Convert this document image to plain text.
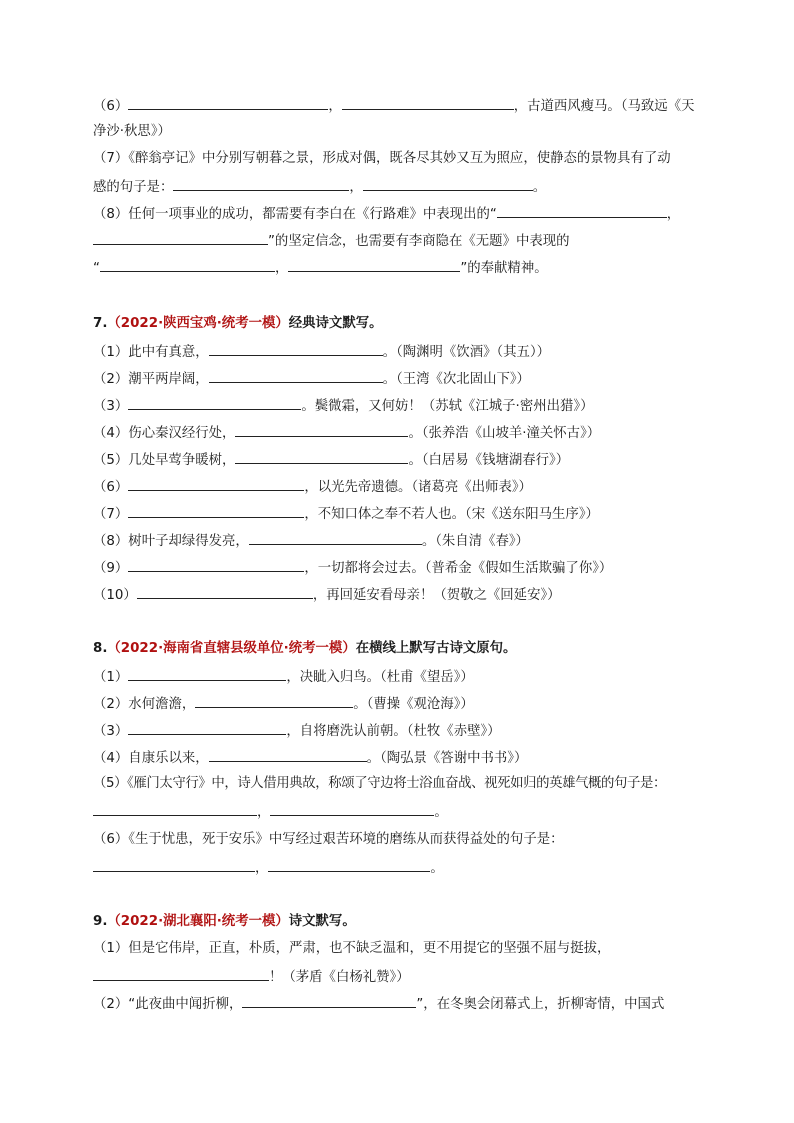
（6）	，	，古道西风瘦马。（马致远《天
净沙·秋思》）
（7）《醉翁亭记》中分别写朝暮之景，形成对偶，既各尽其妙又互为照应，使静态的景物具有了动
感的句子是：	，	。
（8）任何一项事业的成功，都需要有李白在《行路难》中表现出的“	，
”的坚定信念，也需要有李商隐在《无题》中表现的
“	，	”的奉献精神。
7.（2022·陕西宝鸡·统考一模）经典诗文默写。
（1）此中有真意，	。（陶渊明《饮酒》（其五））
（2）潮平两岸阔，	。（王湾《次北固山下》）
（3）	。鬓微霜，又何妨！（苏轼《江城子·密州出猎》）
（4）伤心秦汉经行处，	。（张养浩《山坡羊·潼关怀古》）
（5）几处早莺争暖树，	。（白居易《钱塘湖春行》）
（6）	，以光先帝遗德。（诸葛亮《出师表》）
（7）	，不知口体之奉不若人也。（宋《送东阳马生序》）
（8）树叶子却绿得发亮，	。（朱自清《春》）
（9）	，一切都将会过去。（普希金《假如生活欺骗了你》）
（10）	，再回延安看母亲！（贺敬之《回延安》）
8.（2022·海南省直辖县级单位·统考一模）在横线上默写古诗文原句。
（1）	，决眦入归鸟。（杜甫《望岳》）
（2）水何澹澹，	。（曹操《观沧海》）
（3）	，自将磨洗认前朝。（杜牧《赤壁》）
（4）自康乐以来，	。（陶弘景《答谢中书书》）
（5）《雁门太守行》中，诗人借用典故，称颂了守边将士浴血奋战、视死如归的英雄气概的句子是：
，	。
（6）《生于忧患，死于安乐》中写经过艰苦环境的磨练从而获得益处的句子是：
，	。
9.（2022·湖北襄阳·统考一模）诗文默写。
（1）但是它伟岸，正直，朴质，严肃，也不缺乏温和，更不用提它的坚强不屈与挺拔，
！（茅盾《白杨礼赞》）
（2）“此夜曲中闻折柳，	”，在冬奥会闭幕式上，折柳寄情，中国式
